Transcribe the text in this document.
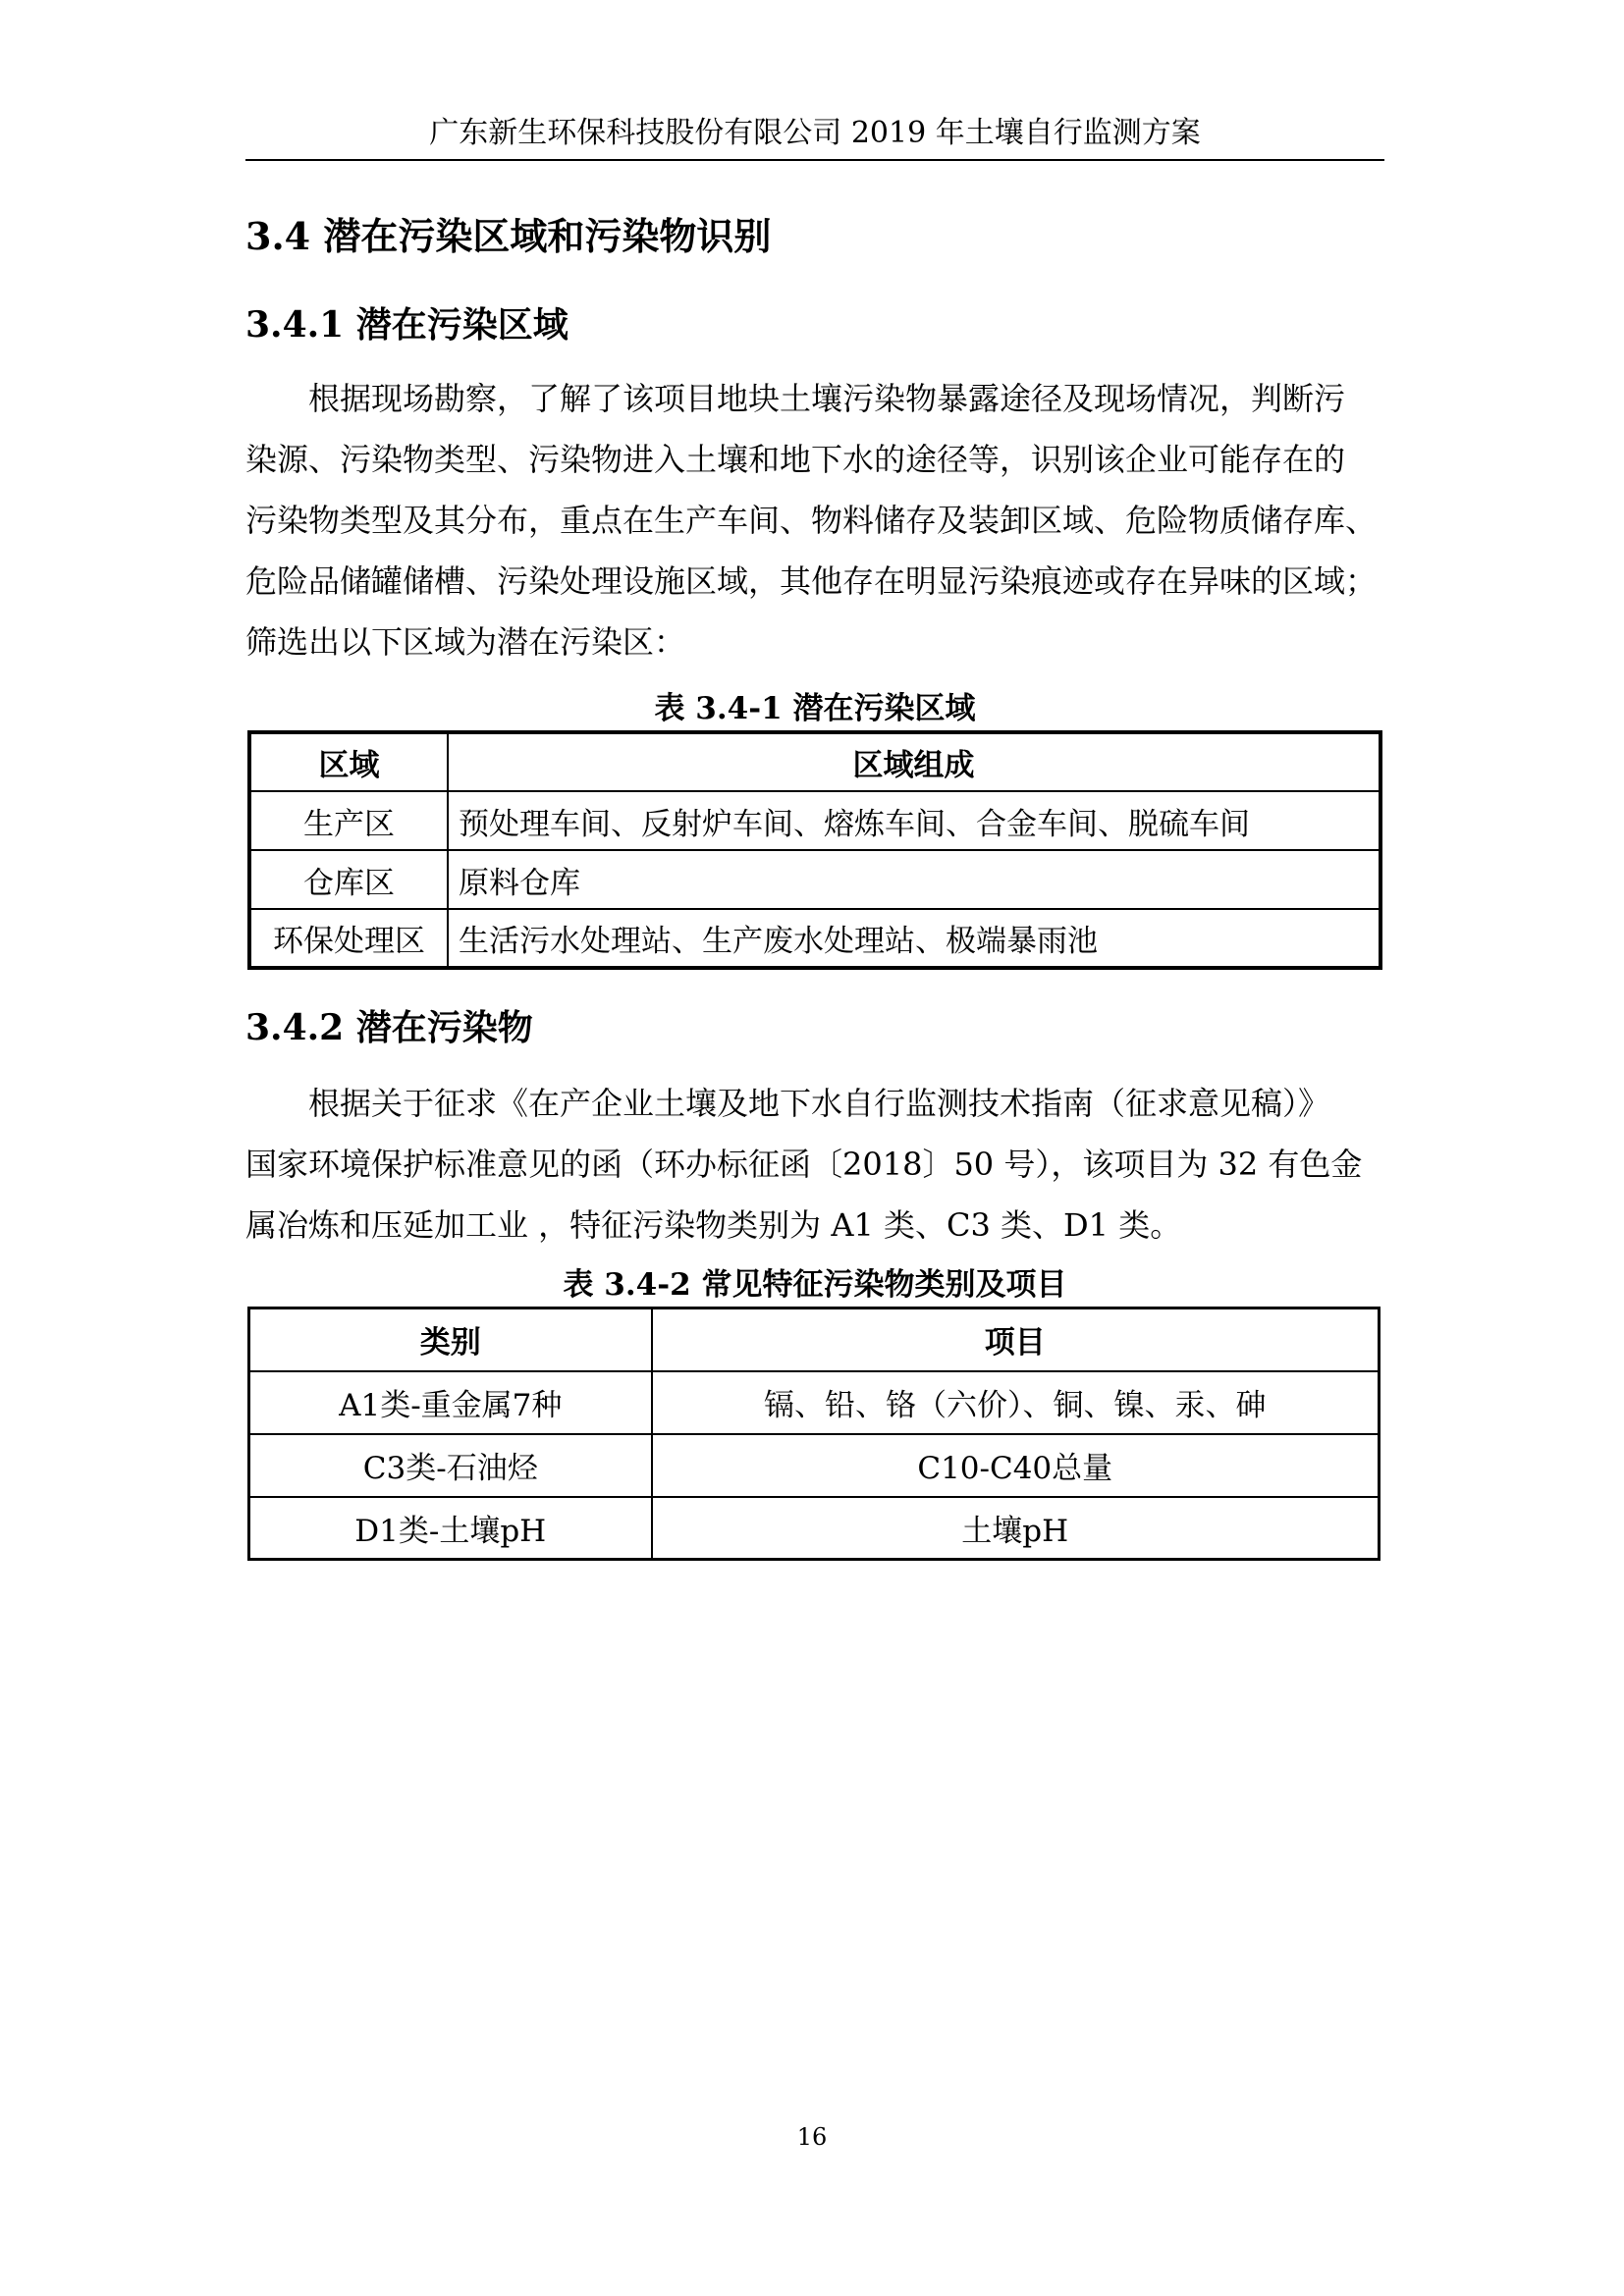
广东新生环保科技股份有限公司 2019 年土壤自行监测方案
3.4 潜在污染区域和污染物识别
3.4.1 潜在污染区域
根据现场勘察，了解了该项目地块土壤污染物暴露途径及现场情况，判断污
染源、污染物类型、污染物进入土壤和地下水的途径等，识别该企业可能存在的
污染物类型及其分布，重点在生产车间、物料储存及装卸区域、危险物质储存库、
危险品储罐储槽、污染处理设施区域，其他存在明显污染痕迹或存在异味的区域；
筛选出以下区域为潜在污染区：
表 3.4-1 潜在污染区域
区域	区域组成
生产区	预处理车间、反射炉车间、熔炼车间、合金车间、脱硫车间
仓库区	原料仓库
环保处理区	生活污水处理站、生产废水处理站、极端暴雨池
3.4.2 潜在污染物
根据关于征求《在产企业土壤及地下水自行监测技术指南（征求意见稿）》
国家环境保护标准意见的函（环办标征函〔2018〕50 号），该项目为 32 有色金
属冶炼和压延加工业 ，特征污染物类别为 A1 类、C3 类、D1 类。
表 3.4-2 常见特征污染物类别及项目
类别	项目
A1类-重金属7种	镉、铅、铬（六价）、铜、镍、汞、砷
C3类-石油烃	C10-C40总量
D1类-土壤pH	土壤pH
16
